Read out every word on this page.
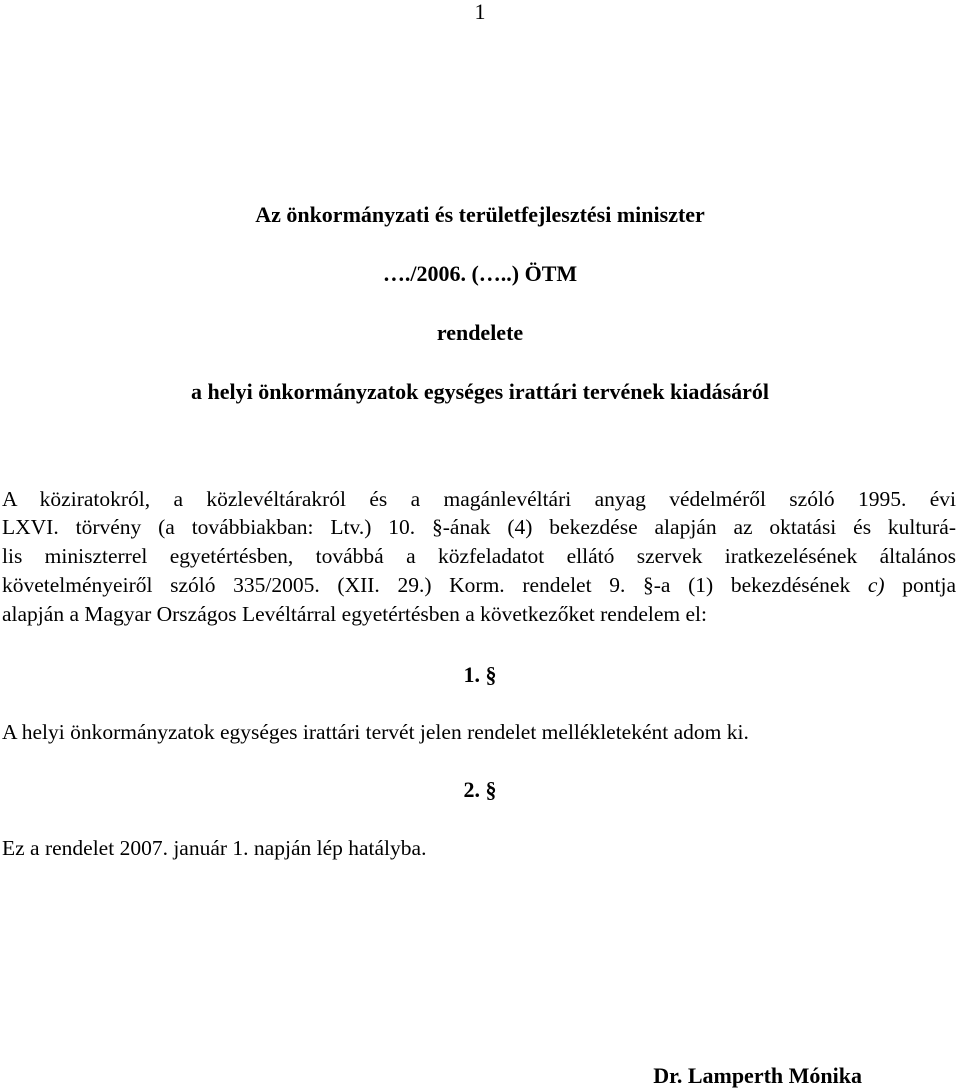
1
Az önkormányzati és területfejlesztési miniszter
…./2006. (…..) ÖTM
rendelete
a helyi önkormányzatok egységes irattári tervének kiadásáról
A köziratokról, a közlevéltárakról és a magánlevéltári anyag védelméről szóló 1995. évi
LXVI. törvény (a továbbiakban: Ltv.) 10. §-ának (4) bekezdése alapján az oktatási és kulturá-
lis miniszterrel egyetértésben, továbbá a közfeladatot ellátó szervek iratkezelésének általános
követelményeiről szóló 335/2005. (XII. 29.) Korm. rendelet 9. §-a (1) bekezdésének c) pontja
alapján a Magyar Országos Levéltárral egyetértésben a következőket rendelem el:
1. §
A helyi önkormányzatok egységes irattári tervét jelen rendelet mellékleteként adom ki.
2. §
Ez a rendelet 2007. január 1. napján lép hatályba.
Dr. Lamperth Mónika
